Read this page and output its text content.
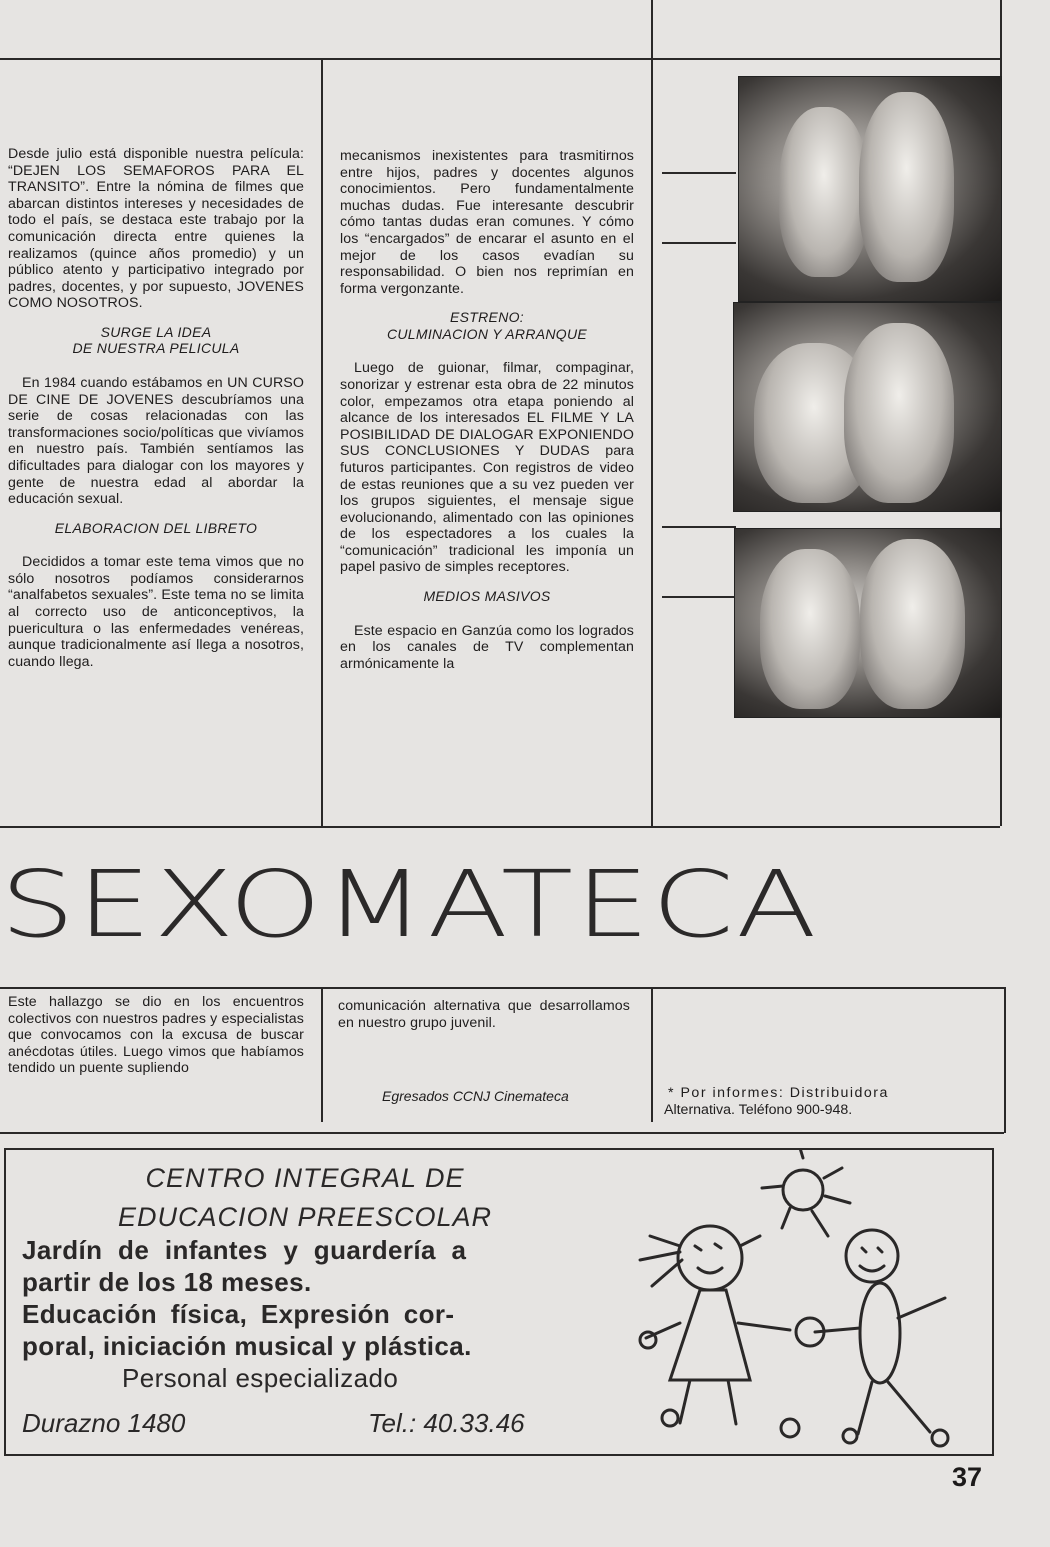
Desde julio está disponible nuestra película: “DEJEN LOS SEMAFOROS PARA EL TRANSITO”. Entre la nómina de filmes que abarcan distintos intereses y necesidades de todo el país, se destaca este trabajo por la comunicación directa entre quienes la realizamos (quince años promedio) y un público atento y participativo integrado por padres, docentes, y por supuesto, JOVENES COMO NOSOTROS.

SURGE LA IDEA
DE NUESTRA PELICULA

En 1984 cuando estábamos en UN CURSO DE CINE DE JOVENES descubríamos una serie de cosas relacionadas con las transformaciones socio/políticas que vivíamos en nuestro país. También sentíamos las dificultades para dialogar con los mayores y gente de nuestra edad al abordar la educación sexual.

ELABORACION DEL LIBRETO

Decididos a tomar este tema vimos que no sólo nosotros podíamos considerarnos “analfabetos sexuales”. Este tema no se limita al correcto uso de anticonceptivos, la puericultura o las enfermedades venéreas, aunque tradicionalmente así llega a nosotros, cuando llega.

mecanismos inexistentes para trasmitirnos entre hijos, padres y docentes algunos conocimientos. Pero fundamentalmente muchas dudas. Fue interesante descubrir cómo tantas dudas eran comunes. Y cómo los “encargados” de encarar el asunto en el mejor de los casos evadían su responsabilidad. O bien nos reprimían en forma vergonzante.

ESTRENO:
CULMINACION Y ARRANQUE

Luego de guionar, filmar, compaginar, sonorizar y estrenar esta obra de 22 minutos color, empezamos otra etapa poniendo al alcance de los interesados EL FILME Y LA POSIBILIDAD DE DIALOGAR EXPONIENDO SUS CONCLUSIONES Y DUDAS para futuros participantes. Con registros de video de estas reuniones que a su vez pueden ver los grupos siguientes, el mensaje sigue evolucionando, alimentado con las opiniones de los espectadores a los cuales la “comunicación” tradicional les imponía un papel pasivo de simples receptores.

MEDIOS MASIVOS

Este espacio en Ganzúa como los logrados en los canales de TV complementan armónicamente la

SEXOMATECA
Este hallazgo se dio en los encuentros colectivos con nuestros padres y especialistas que convocamos con la excusa de buscar anécdotas útiles. Luego vimos que habíamos tendido un puente supliendo
comunicación alternativa que desarrollamos en nuestro grupo juvenil.
Egresados CCNJ Cinemateca	* Por informes: Distribuidora
Alternativa. Teléfono 900-948.
CENTRO INTEGRAL DE
EDUCACION PREESCOLAR
Jardín de infantes y guardería a
partir de los 18 meses.
Educación física, Expresión cor-
poral, iniciación musical y plástica.
Personal especializado
Durazno 1480	Tel.: 40.33.46
37
